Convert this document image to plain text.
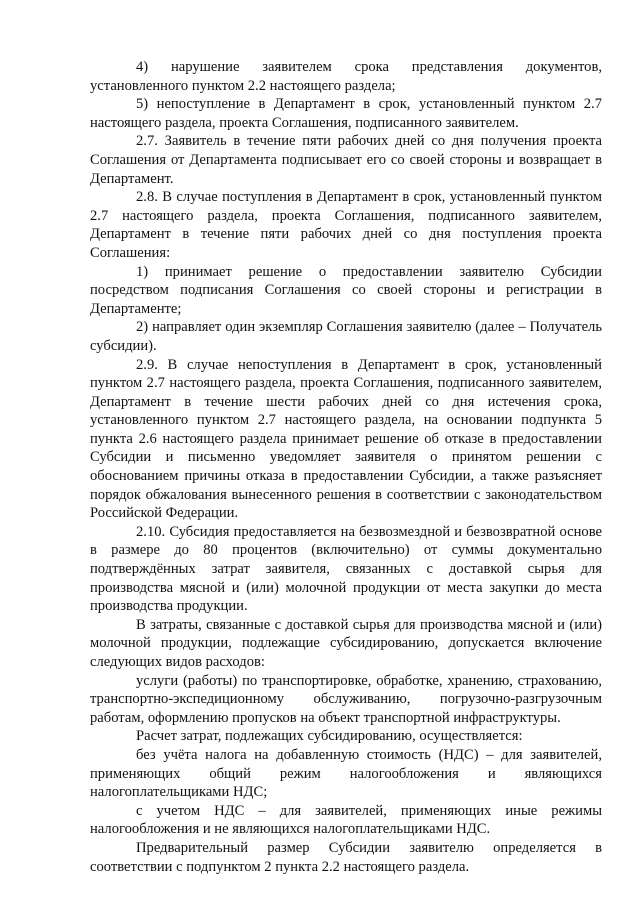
4) нарушение заявителем срока представления документов, установленного пунктом 2.2 настоящего раздела;

5) непоступление в Департамент в срок, установленный пунктом 2.7 настоящего раздела, проекта Соглашения, подписанного заявителем.

2.7. Заявитель в течение пяти рабочих дней со дня получения проекта Соглашения от Департамента подписывает его со своей стороны и возвращает в Департамент.

2.8. В случае поступления в Департамент в срок, установленный пунктом 2.7 настоящего раздела, проекта Соглашения, подписанного заявителем, Департамент в течение пяти рабочих дней со дня поступления проекта Соглашения:

1) принимает решение о предоставлении заявителю Субсидии посредством подписания Соглашения со своей стороны и регистрации в Департаменте;

2) направляет один экземпляр Соглашения заявителю (далее – Получатель субсидии).

2.9. В случае непоступления в Департамент в срок, установленный пунктом 2.7 настоящего раздела, проекта Соглашения, подписанного заявителем, Департамент в течение шести рабочих дней со дня истечения срока, установленного пунктом 2.7 настоящего раздела, на основании подпункта 5 пункта 2.6 настоящего раздела принимает решение об отказе в предоставлении Субсидии и письменно уведомляет заявителя о принятом решении с обоснованием причины отказа в предоставлении Субсидии, а также разъясняет порядок обжалования вынесенного решения в соответствии с законодательством Российской Федерации.

2.10. Субсидия предоставляется на безвозмездной и безвозвратной основе в размере до 80 процентов (включительно) от суммы документально подтверждённых затрат заявителя, связанных с доставкой сырья для производства мясной и (или) молочной продукции от места закупки до места производства продукции.

В затраты, связанные с доставкой сырья для производства мясной и (или) молочной продукции, подлежащие субсидированию, допускается включение следующих видов расходов:

услуги (работы) по транспортировке, обработке, хранению, страхованию, транспортно-экспедиционному обслуживанию, погрузочно-разгрузочным работам, оформлению пропусков на объект транспортной инфраструктуры.

Расчет затрат, подлежащих субсидированию, осуществляется:

без учёта налога на добавленную стоимость (НДС) – для заявителей, применяющих общий режим налогообложения и являющихся налогоплательщиками НДС;

с учетом НДС – для заявителей, применяющих иные режимы налогообложения и не являющихся налогоплательщиками НДС.

Предварительный размер Субсидии заявителю определяется в соответствии с подпунктом 2 пункта 2.2 настоящего раздела.
